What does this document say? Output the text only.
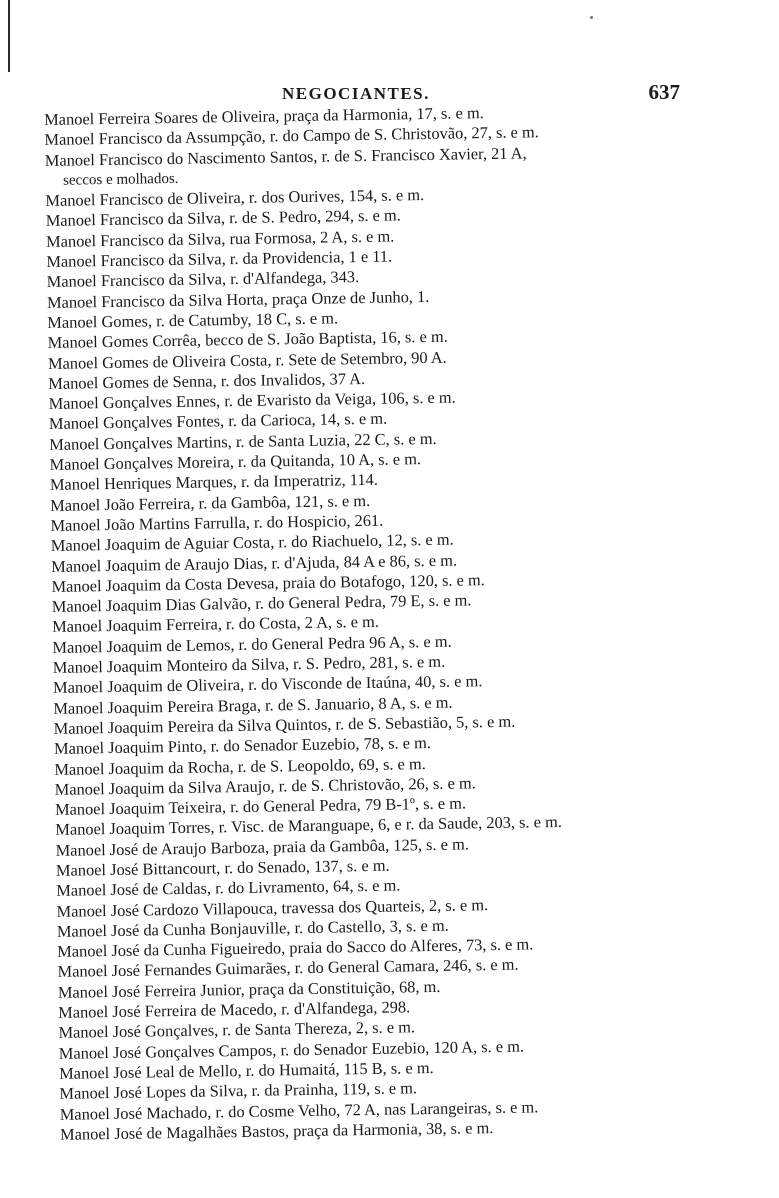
NEGOCIANTES.	637
Manoel Ferreira Soares de Oliveira, praça da Harmonia, 17, s. e m.
Manoel Francisco da Assumpção, r. do Campo de S. Christovão, 27, s. e m.
Manoel Francisco do Nascimento Santos, r. de S. Francisco Xavier, 21 A,
seccos e molhados.
Manoel Francisco de Oliveira, r. dos Ourives, 154, s. e m.
Manoel Francisco da Silva, r. de S. Pedro, 294, s. e m.
Manoel Francisco da Silva, rua Formosa, 2 A, s. e m.
Manoel Francisco da Silva, r. da Providencia, 1 e 11.
Manoel Francisco da Silva, r. d'Alfandega, 343.
Manoel Francisco da Silva Horta, praça Onze de Junho, 1.
Manoel Gomes, r. de Catumby, 18 C, s. e m.
Manoel Gomes Corrêa, becco de S. João Baptista, 16, s. e m.
Manoel Gomes de Oliveira Costa, r. Sete de Setembro, 90 A.
Manoel Gomes de Senna, r. dos Invalidos, 37 A.
Manoel Gonçalves Ennes, r. de Evaristo da Veiga, 106, s. e m.
Manoel Gonçalves Fontes, r. da Carioca, 14, s. e m.
Manoel Gonçalves Martins, r. de Santa Luzia, 22 C, s. e m.
Manoel Gonçalves Moreira, r. da Quitanda, 10 A, s. e m.
Manoel Henriques Marques, r. da Imperatriz, 114.
Manoel João Ferreira, r. da Gambôa, 121, s. e m.
Manoel João Martins Farrulla, r. do Hospicio, 261.
Manoel Joaquim de Aguiar Costa, r. do Riachuelo, 12, s. e m.
Manoel Joaquim de Araujo Dias, r. d'Ajuda, 84 A e 86, s. e m.
Manoel Joaquim da Costa Devesa, praia do Botafogo, 120, s. e m.
Manoel Joaquim Dias Galvão, r. do General Pedra, 79 E, s. e m.
Manoel Joaquim Ferreira, r. do Costa, 2 A, s. e m.
Manoel Joaquim de Lemos, r. do General Pedra 96 A, s. e m.
Manoel Joaquim Monteiro da Silva, r. S. Pedro, 281, s. e m.
Manoel Joaquim de Oliveira, r. do Visconde de Itaúna, 40, s. e m.
Manoel Joaquim Pereira Braga, r. de S. Januario, 8 A, s. e m.
Manoel Joaquim Pereira da Silva Quintos, r. de S. Sebastião, 5, s. e m.
Manoel Joaquim Pinto, r. do Senador Euzebio, 78, s. e m.
Manoel Joaquim da Rocha, r. de S. Leopoldo, 69, s. e m.
Manoel Joaquim da Silva Araujo, r. de S. Christovão, 26, s. e m.
Manoel Joaquim Teixeira, r. do General Pedra, 79 B-1º, s. e m.
Manoel Joaquim Torres, r. Visc. de Maranguape, 6, e r. da Saude, 203, s. e m.
Manoel José de Araujo Barboza, praia da Gambôa, 125, s. e m.
Manoel José Bittancourt, r. do Senado, 137, s. e m.
Manoel José de Caldas, r. do Livramento, 64, s. e m.
Manoel José Cardozo Villapouca, travessa dos Quarteis, 2, s. e m.
Manoel José da Cunha Bonjauville, r. do Castello, 3, s. e m.
Manoel José da Cunha Figueiredo, praia do Sacco do Alferes, 73, s. e m.
Manoel José Fernandes Guimarães, r. do General Camara, 246, s. e m.
Manoel José Ferreira Junior, praça da Constituição, 68, m.
Manoel José Ferreira de Macedo, r. d'Alfandega, 298.
Manoel José Gonçalves, r. de Santa Thereza, 2, s. e m.
Manoel José Gonçalves Campos, r. do Senador Euzebio, 120 A, s. e m.
Manoel José Leal de Mello, r. do Humaitá, 115 B, s. e m.
Manoel José Lopes da Silva, r. da Prainha, 119, s. e m.
Manoel José Machado, r. do Cosme Velho, 72 A, nas Larangeiras, s. e m.
Manoel José de Magalhães Bastos, praça da Harmonia, 38, s. e m.
